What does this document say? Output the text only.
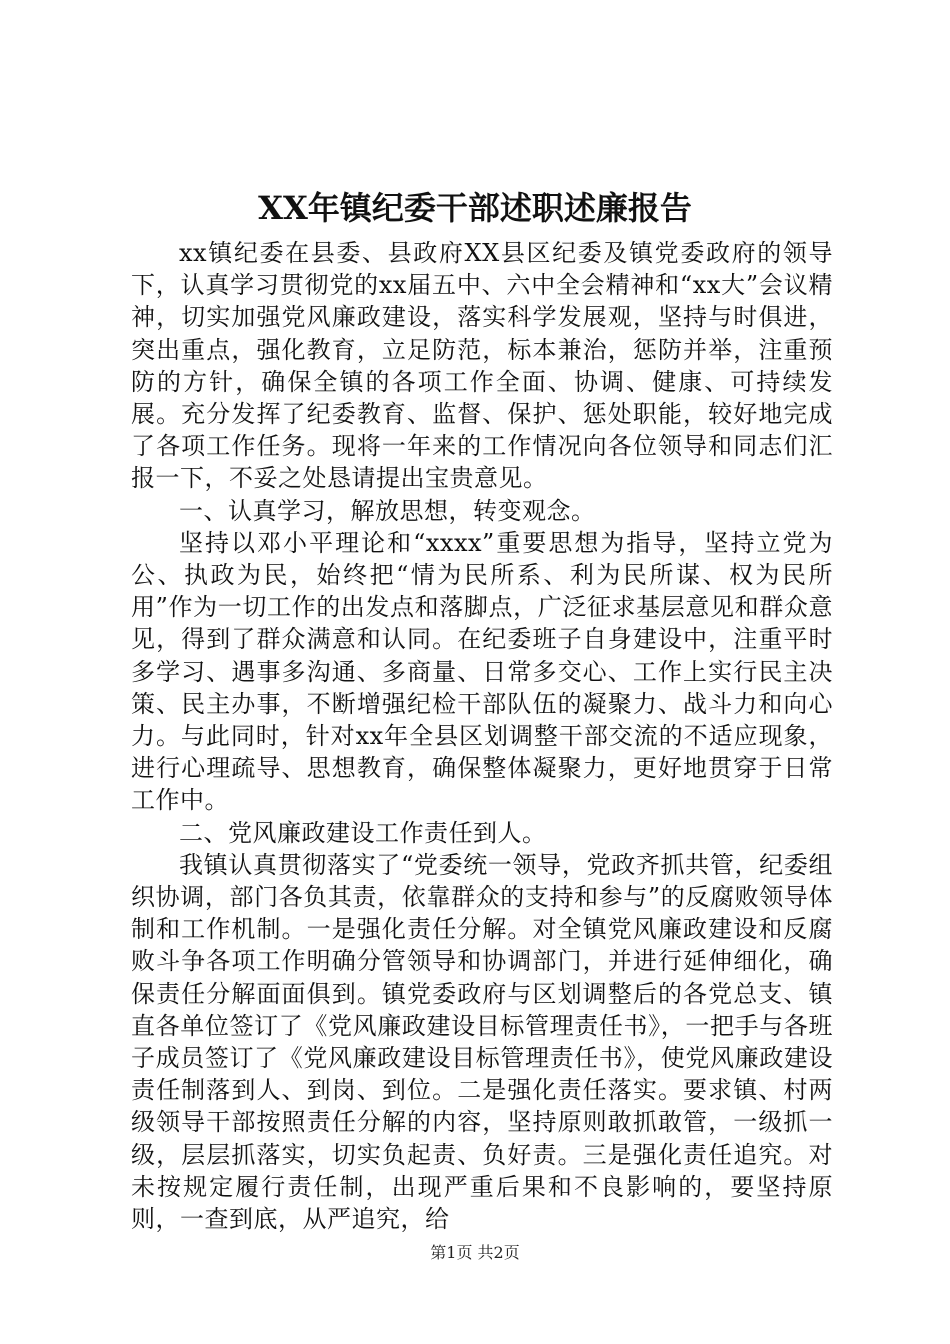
XX年镇纪委干部述职述廉报告

xx镇纪委在县委、县政府XX县区纪委及镇党委政府的领导下，认真学习贯彻党的xx届五中、六中全会精神和“xx大”会议精神，切实加强党风廉政建设，落实科学发展观，坚持与时俱进，突出重点，强化教育，立足防范，标本兼治，惩防并举，注重预防的方针，确保全镇的各项工作全面、协调、健康、可持续发展。充分发挥了纪委教育、监督、保护、惩处职能，较好地完成了各项工作任务。现将一年来的工作情况向各位领导和同志们汇报一下，不妥之处恳请提出宝贵意见。

一、认真学习，解放思想，转变观念。

坚持以邓小平理论和“xxxx”重要思想为指导，坚持立党为公、执政为民，始终把“情为民所系、利为民所谋、权为民所用”作为一切工作的出发点和落脚点，广泛征求基层意见和群众意见，得到了群众满意和认同。在纪委班子自身建设中，注重平时多学习、遇事多沟通、多商量、日常多交心、工作上实行民主决策、民主办事，不断增强纪检干部队伍的凝聚力、战斗力和向心力。与此同时，针对xx年全县区划调整干部交流的不适应现象，进行心理疏导、思想教育，确保整体凝聚力，更好地贯穿于日常工作中。

二、党风廉政建设工作责任到人。

我镇认真贯彻落实了“党委统一领导，党政齐抓共管，纪委组织协调，部门各负其责，依靠群众的支持和参与”的反腐败领导体制和工作机制。一是强化责任分解。对全镇党风廉政建设和反腐败斗争各项工作明确分管领导和协调部门，并进行延伸细化，确保责任分解面面俱到。镇党委政府与区划调整后的各党总支、镇直各单位签订了《党风廉政建设目标管理责任书》，一把手与各班子成员签订了《党风廉政建设目标管理责任书》，使党风廉政建设责任制落到人、到岗、到位。二是强化责任落实。要求镇、村两级领导干部按照责任分解的内容，坚持原则敢抓敢管，一级抓一级，层层抓落实，切实负起责、负好责。三是强化责任追究。对未按规定履行责任制，出现严重后果和不良影响的，要坚持原则，一查到底，从严追究，给

第1页 共2页
